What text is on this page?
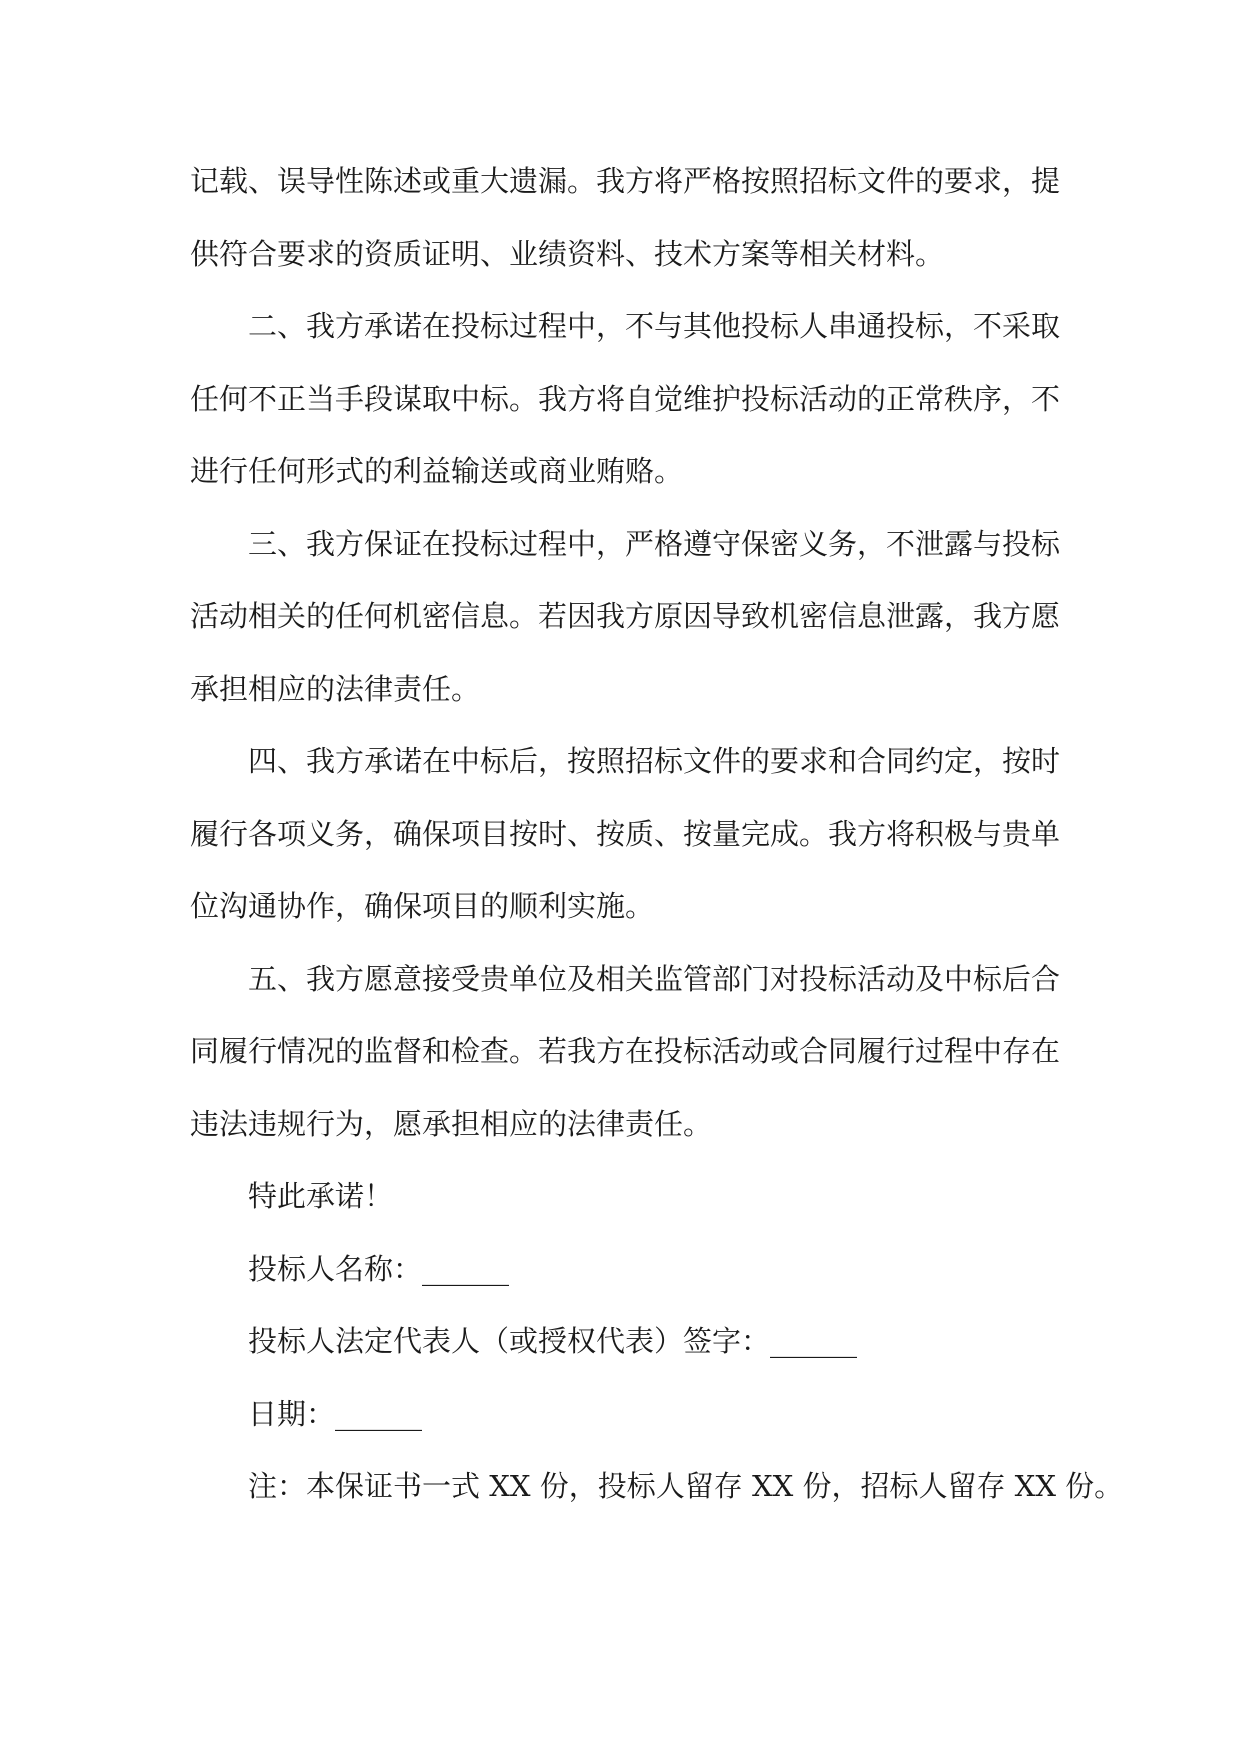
记载、误导性陈述或重大遗漏。我方将严格按照招标文件的要求，提供符合要求的资质证明、业绩资料、技术方案等相关材料。

二、我方承诺在投标过程中，不与其他投标人串通投标，不采取任何不正当手段谋取中标。我方将自觉维护投标活动的正常秩序，不进行任何形式的利益输送或商业贿赂。

三、我方保证在投标过程中，严格遵守保密义务，不泄露与投标活动相关的任何机密信息。若因我方原因导致机密信息泄露，我方愿承担相应的法律责任。

四、我方承诺在中标后，按照招标文件的要求和合同约定，按时履行各项义务，确保项目按时、按质、按量完成。我方将积极与贵单位沟通协作，确保项目的顺利实施。

五、我方愿意接受贵单位及相关监管部门对投标活动及中标后合同履行情况的监督和检查。若我方在投标活动或合同履行过程中存在违法违规行为，愿承担相应的法律责任。

特此承诺！

投标人名称：______

投标人法定代表人（或授权代表）签字：______

日期：______

注：本保证书一式 XX 份，投标人留存 XX 份，招标人留存 XX 份。
